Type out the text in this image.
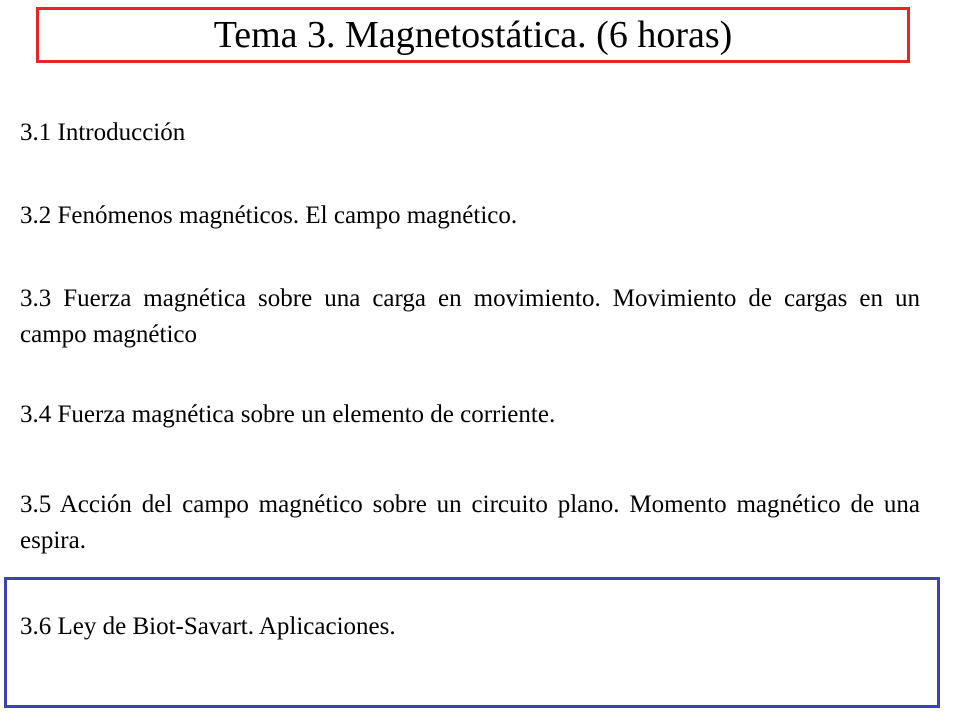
Tema 3. Magnetostática. (6 horas)
3.1 Introducción
3.2 Fenómenos magnéticos. El campo magnético.
3.3 Fuerza magnética sobre una carga en movimiento. Movimiento de cargas en un campo magnético
3.4 Fuerza magnética sobre un elemento de corriente.
3.5 Acción del campo magnético sobre un circuito plano. Momento magnético de una espira.
3.6 Ley de Biot-Savart. Aplicaciones.
